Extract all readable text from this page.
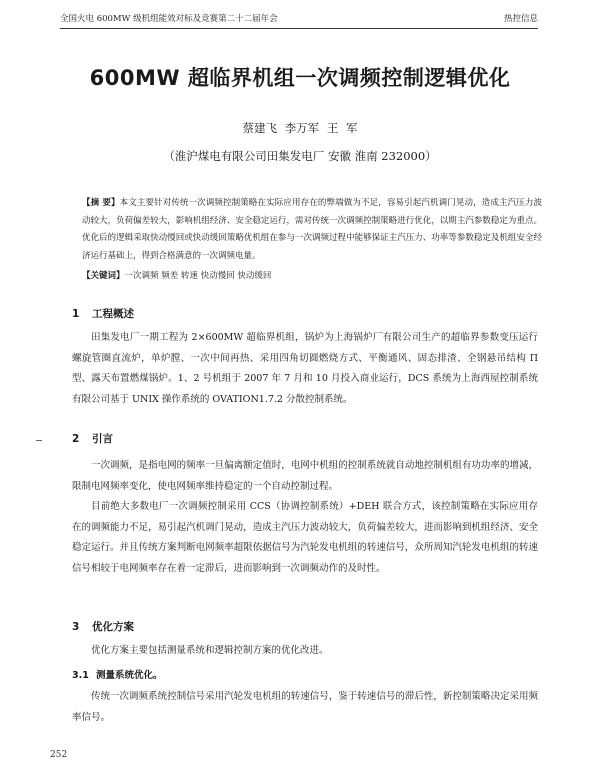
全国火电 600MW 级机组能效对标及竞赛第二十二届年会	热控信息
600MW 超临界机组一次调频控制逻辑优化
蔡建飞 李万军 王 军
（淮沪煤电有限公司田集发电厂 安徽 淮南 232000）
【摘 要】本文主要针对传统一次调频控制策略在实际应用存在的弊端做为不足，容易引起汽机调门晃动，造成主汽压力波动较大，负荷偏差较大，影响机组经济、安全稳定运行，需对传统一次调频控制策略进行优化，以期主汽参数稳定为重点。优化后的逻辑采取快动慢回或快动缓回策略优机组在参与一次调频过程中能够保证主汽压力、功率等参数稳定及机组安全经济运行基础上，得到合格满意的一次调频电量。
【关键词】一次调频 频差 转速 快动慢回 快动缓回
1 工程概述
田集发电厂一期工程为 2×600MW 超临界机组，锅炉为上海锅炉厂有限公司生产的超临界参数变压运行螺旋管圈直流炉，单炉膛、一次中间再热、采用四角切圆燃烧方式、平衡通风、固态排渣、全钢悬吊结构 Π 型、露天布置燃煤锅炉。1、2 号机组于 2007 年 7 月和 10 月投入商业运行，DCS 系统为上海西屋控制系统有限公司基于 UNIX 操作系统的 OVATION1.7.2 分散控制系统。
2 引言
一次调频，是指电网的频率一旦偏离额定值时，电网中机组的控制系统就自动地控制机组有功功率的增减，限制电网频率变化，使电网频率维持稳定的一个自动控制过程。
目前绝大多数电厂一次调频控制采用 CCS（协调控制系统）+DEH 联合方式，该控制策略在实际应用存在的调频能力不足，易引起汽机调门晃动，造成主汽压力波动较大，负荷偏差较大，进而影响到机组经济、安全稳定运行。并且传统方案判断电网频率超限依据信号为汽轮发电机组的转速信号，众所周知汽轮发电机组的转速信号相较于电网频率存在着一定滞后，进而影响到一次调频动作的及时性。
3 优化方案
优化方案主要包括测量系统和逻辑控制方案的优化改进。
3.1 测量系统优化。
传统一次调频系统控制信号采用汽轮发电机组的转速信号，鉴于转速信号的滞后性，新控制策略决定采用频率信号。
252
